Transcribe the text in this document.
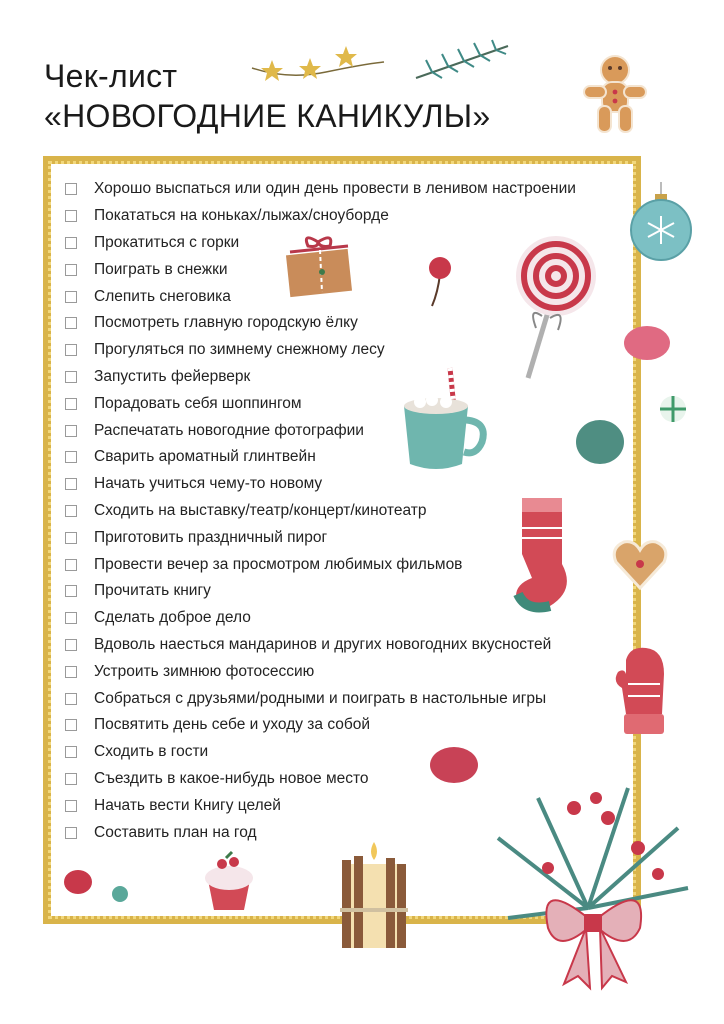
Чек-лист
«НОВОГОДНИЕ КАНИКУЛЫ»
Хорошо выспаться или один день провести в ленивом настроении
Покататься на коньках/лыжах/сноуборде
Прокатиться с горки
Поиграть в снежки
Слепить снеговика
Посмотреть главную городскую ёлку
Прогуляться по зимнему снежному лесу
Запустить фейерверк
Порадовать себя шоппингом
Распечатать новогодние фотографии
Сварить ароматный глинтвейн
Начать учиться чему-то новому
Сходить на выставку/театр/концерт/кинотеатр
Приготовить праздничный пирог
Провести вечер за просмотром любимых фильмов
Прочитать книгу
Сделать доброе дело
Вдоволь наесться мандаринов и других новогодних вкусностей
Устроить зимнюю фотосессию
Собраться с друзьями/родными и поиграть в настольные игры
Посвятить день себе и уходу за собой
Сходить в гости
Съездить в какое-нибудь новое место
Начать вести Книгу целей
Составить план на год
